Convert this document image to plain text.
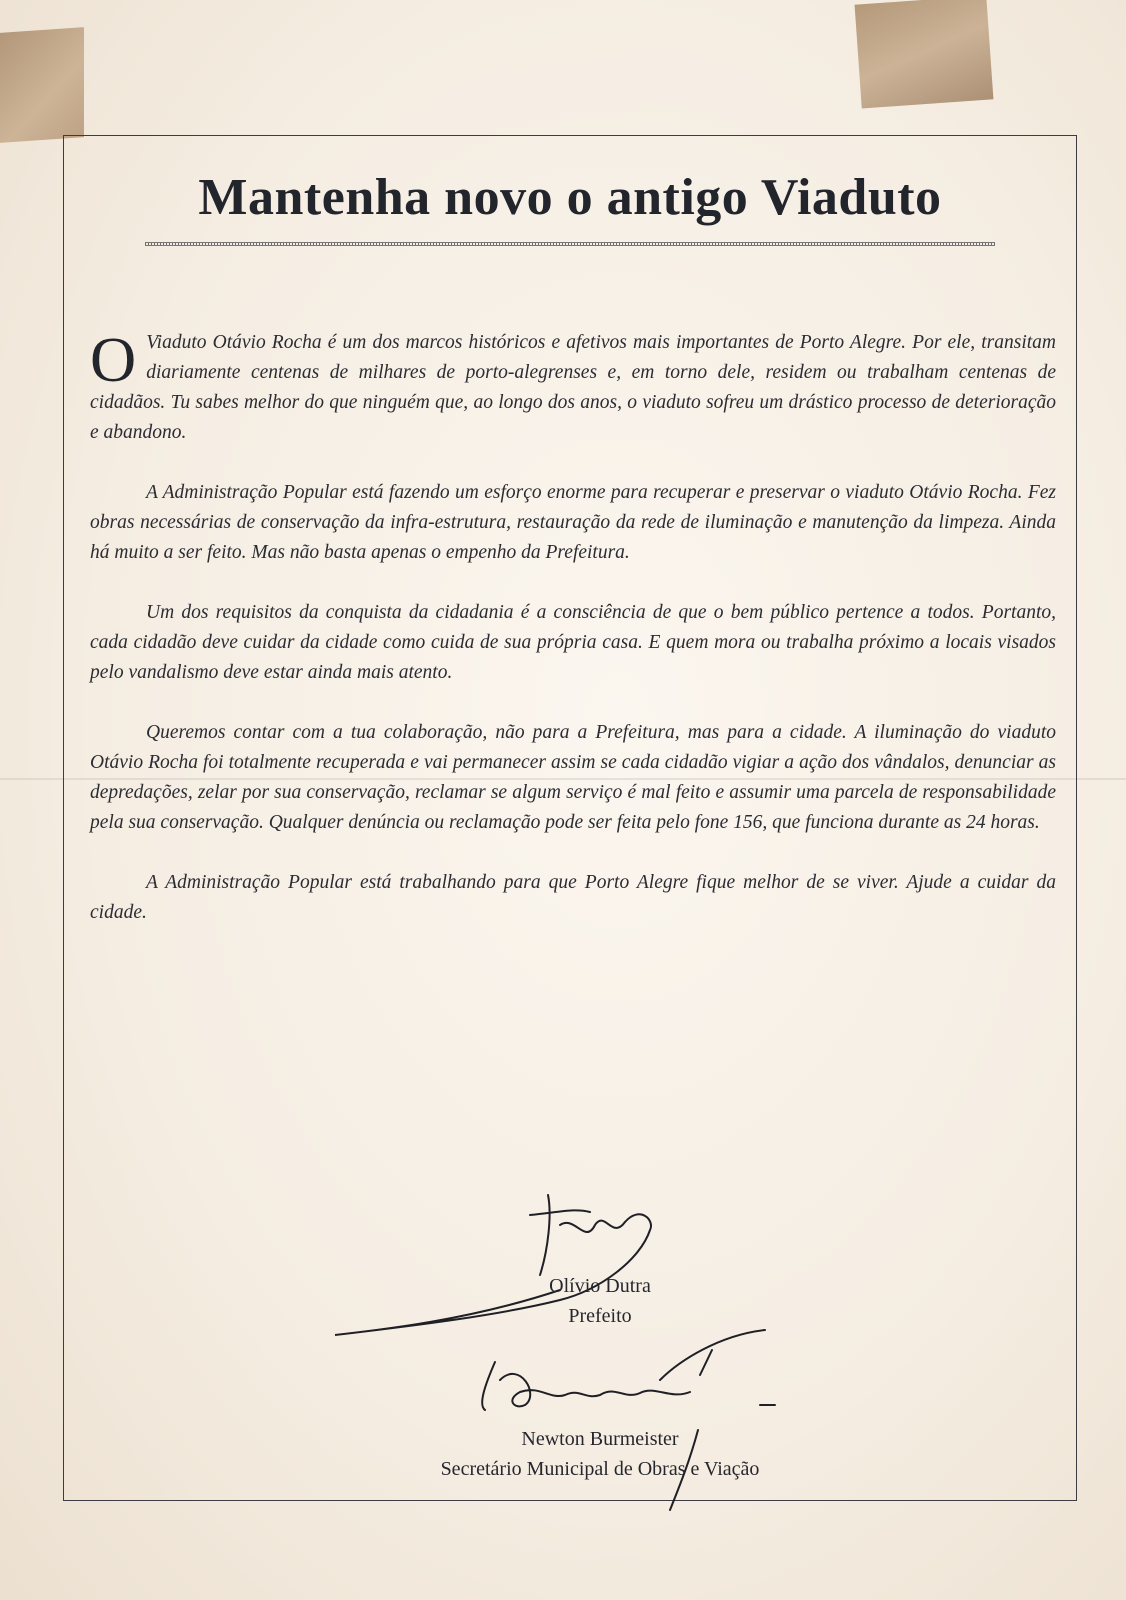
Mantenha novo o antigo Viaduto

O Viaduto Otávio Rocha é um dos marcos históricos e afetivos mais importantes de Porto Alegre. Por ele, transitam diariamente centenas de milhares de porto-alegrenses e, em torno dele, residem ou trabalham centenas de cidadãos. Tu sabes melhor do que ninguém que, ao longo dos anos, o viaduto sofreu um drástico processo de deterioração e abandono.

A Administração Popular está fazendo um esforço enorme para recuperar e preservar o viaduto Otávio Rocha. Fez obras necessárias de conservação da infra-estrutura, restauração da rede de iluminação e manutenção da limpeza. Ainda há muito a ser feito. Mas não basta apenas o empenho da Prefeitura.

Um dos requisitos da conquista da cidadania é a consciência de que o bem público pertence a todos. Portanto, cada cidadão deve cuidar da cidade como cuida de sua própria casa. E quem mora ou trabalha próximo a locais visados pelo vandalismo deve estar ainda mais atento.

Queremos contar com a tua colaboração, não para a Prefeitura, mas para a cidade. A iluminação do viaduto Otávio Rocha foi totalmente recuperada e vai permanecer assim se cada cidadão vigiar a ação dos vândalos, denunciar as depredações, zelar por sua conservação, reclamar se algum serviço é mal feito e assumir uma parcela de responsabilidade pela sua conservação. Qualquer denúncia ou reclamação pode ser feita pelo fone 156, que funciona durante as 24 horas.

A Administração Popular está trabalhando para que Porto Alegre fique melhor de se viver. Ajude a cuidar da cidade.

Olívio Dutra
Prefeito
Newton Burmeister
Secretário Municipal de Obras e Viação
